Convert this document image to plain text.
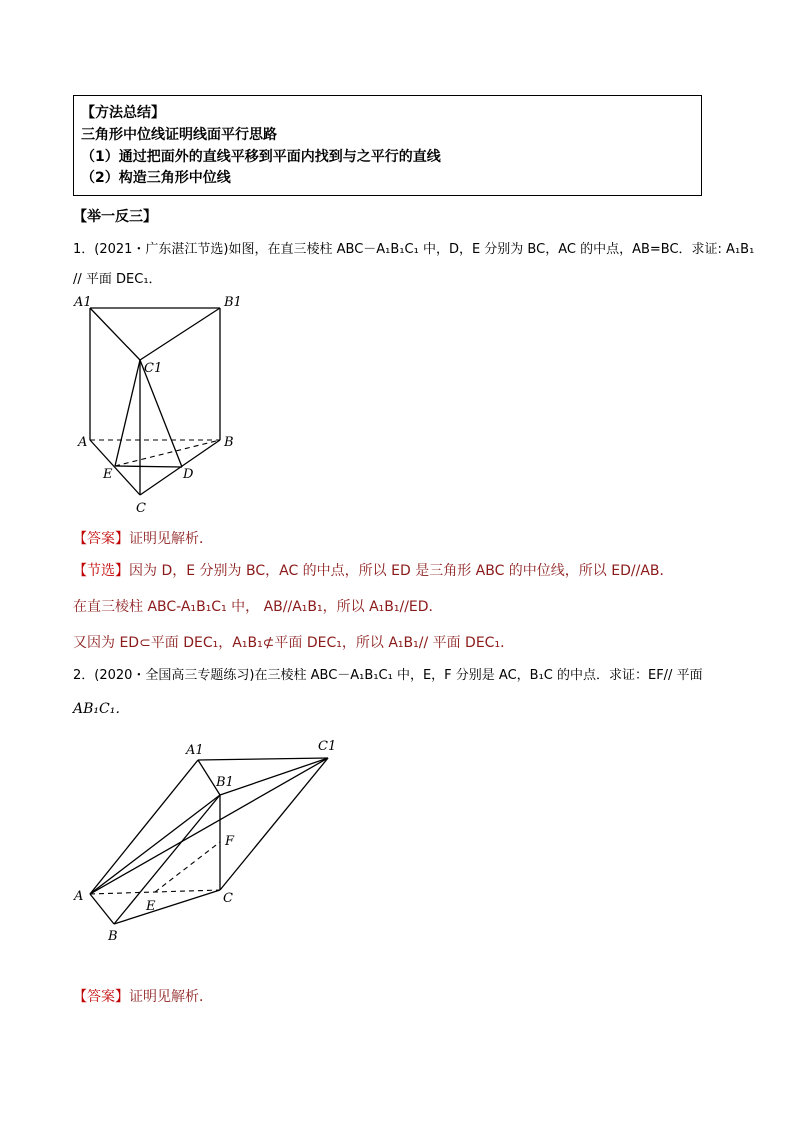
【方法总结】
三角形中位线证明线面平行思路
（1）通过把面外的直线平移到平面内找到与之平行的直线
（2）构造三角形中位线
【举一反三】
1．(2021・广东湛江节选)如图，在直三棱柱 ABC－A₁B₁C₁ 中，D，E 分别为 BC，AC 的中点，AB=BC．求证: A₁B₁
// 平面 DEC₁．
A1	B1
C1
A	B
E	D
C
【答案】证明见解析．
【节选】因为 D，E 分别为 BC，AC 的中点，所以 ED 是三角形 ABC 的中位线，所以 ED//AB．
在直三棱柱 ABC-A₁B₁C₁ 中， AB//A₁B₁，所以 A₁B₁//ED．
又因为 ED⊂平面 DEC₁，A₁B₁⊄平面 DEC₁，所以 A₁B₁// 平面 DEC₁．
2．(2020・全国高三专题练习)在三棱柱 ABC－A₁B₁C₁ 中，E，F 分别是 AC，B₁C 的中点．求证：EF// 平面
AB₁C₁．
A1	C1
B1
F
A	C
E
B
【答案】证明见解析．
